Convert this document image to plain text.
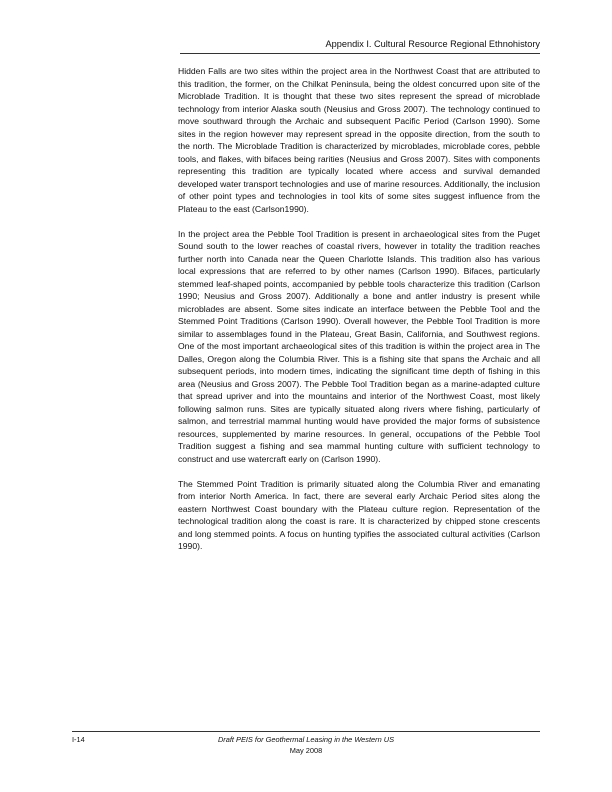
Appendix I. Cultural Resource Regional Ethnohistory

Hidden Falls are two sites within the project area in the Northwest Coast that are attributed to this tradition, the former, on the Chilkat Peninsula, being the oldest concurred upon site of the Microblade Tradition. It is thought that these two sites represent the spread of microblade technology from interior Alaska south (Neusius and Gross 2007). The technology continued to move southward through the Archaic and subsequent Pacific Period (Carlson 1990). Some sites in the region however may represent spread in the opposite direction, from the south to the north. The Microblade Tradition is characterized by microblades, microblade cores, pebble tools, and flakes, with bifaces being rarities (Neusius and Gross 2007). Sites with components representing this tradition are typically located where access and survival demanded developed water transport technologies and use of marine resources. Additionally, the inclusion of other point types and technologies in tool kits of some sites suggest influence from the Plateau to the east (Carlson1990).

In the project area the Pebble Tool Tradition is present in archaeological sites from the Puget Sound south to the lower reaches of coastal rivers, however in totality the tradition reaches further north into Canada near the Queen Charlotte Islands. This tradition also has various local expressions that are referred to by other names (Carlson 1990). Bifaces, particularly stemmed leaf-shaped points, accompanied by pebble tools characterize this tradition (Carlson 1990; Neusius and Gross 2007). Additionally a bone and antler industry is present while microblades are absent. Some sites indicate an interface between the Pebble Tool and the Stemmed Point Traditions (Carlson 1990). Overall however, the Pebble Tool Tradition is more similar to assemblages found in the Plateau, Great Basin, California, and Southwest regions. One of the most important archaeological sites of this tradition is within the project area in The Dalles, Oregon along the Columbia River. This is a fishing site that spans the Archaic and all subsequent periods, into modern times, indicating the significant time depth of fishing in this area (Neusius and Gross 2007). The Pebble Tool Tradition began as a marine-adapted culture that spread upriver and into the mountains and interior of the Northwest Coast, most likely following salmon runs. Sites are typically situated along rivers where fishing, particularly of salmon, and terrestrial mammal hunting would have provided the major forms of subsistence resources, supplemented by marine resources. In general, occupations of the Pebble Tool Tradition suggest a fishing and sea mammal hunting culture with sufficient technology to construct and use watercraft early on (Carlson 1990).

The Stemmed Point Tradition is primarily situated along the Columbia River and emanating from interior North America. In fact, there are several early Archaic Period sites along the eastern Northwest Coast boundary with the Plateau culture region. Representation of the technological tradition along the coast is rare. It is characterized by chipped stone crescents and long stemmed points. A focus on hunting typifies the associated cultural activities (Carlson 1990).

I-14	Draft PEIS for Geothermal Leasing in the Western US
May 2008
